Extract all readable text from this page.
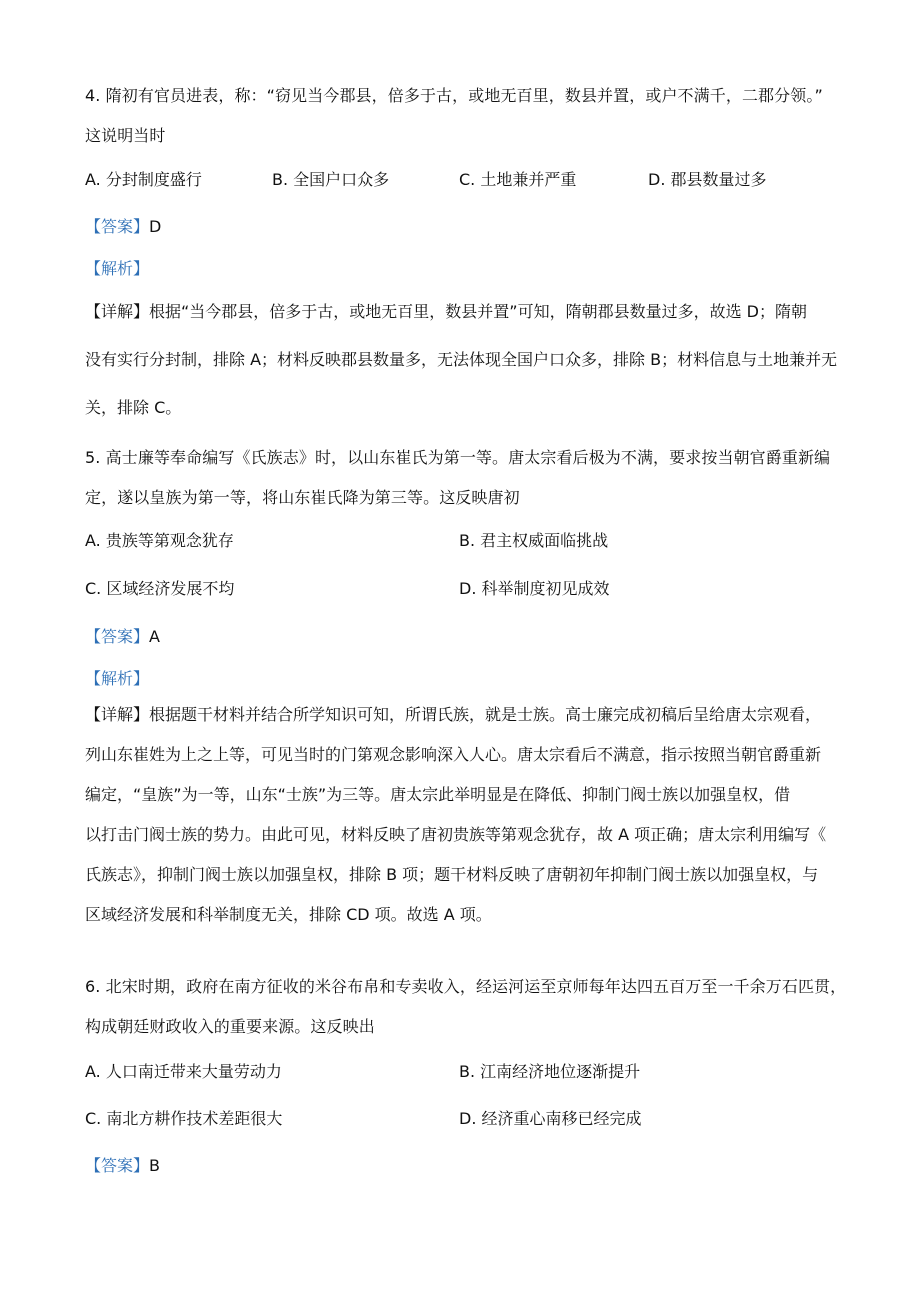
4. 隋初有官员进表，称：“窃见当今郡县，倍多于古，或地无百里，数县并置，或户不满千，二郡分领。”
这说明当时
A. 分封制度盛行	B. 全国户口众多	C. 土地兼并严重	D. 郡县数量过多
【答案】D
【解析】
【详解】根据“当今郡县，倍多于古，或地无百里，数县并置”可知，隋朝郡县数量过多，故选 D；隋朝
没有实行分封制，排除 A；材料反映郡县数量多，无法体现全国户口众多，排除 B；材料信息与土地兼并无
关，排除 C。
5. 高士廉等奉命编写《氏族志》时，以山东崔氏为第一等。唐太宗看后极为不满，要求按当朝官爵重新编
定，遂以皇族为第一等，将山东崔氏降为第三等。这反映唐初
A. 贵族等第观念犹存	B. 君主权威面临挑战
C. 区域经济发展不均	D. 科举制度初见成效
【答案】A
【解析】
【详解】根据题干材料并结合所学知识可知，所谓氏族，就是士族。高士廉完成初稿后呈给唐太宗观看，
列山东崔姓为上之上等，可见当时的门第观念影响深入人心。唐太宗看后不满意，指示按照当朝官爵重新
编定，“皇族”为一等，山东“士族”为三等。唐太宗此举明显是在降低、抑制门阀士族以加强皇权，借
以打击门阀士族的势力。由此可见，材料反映了唐初贵族等第观念犹存，故 A 项正确；唐太宗利用编写《
氏族志》，抑制门阀士族以加强皇权，排除 B 项；题干材料反映了唐朝初年抑制门阀士族以加强皇权，与
区域经济发展和科举制度无关，排除 CD 项。故选 A 项。
6. 北宋时期，政府在南方征收的米谷布帛和专卖收入，经运河运至京师每年达四五百万至一千余万石匹贯，
构成朝廷财政收入的重要来源。这反映出
A. 人口南迁带来大量劳动力	B. 江南经济地位逐渐提升
C. 南北方耕作技术差距很大	D. 经济重心南移已经完成
【答案】B
